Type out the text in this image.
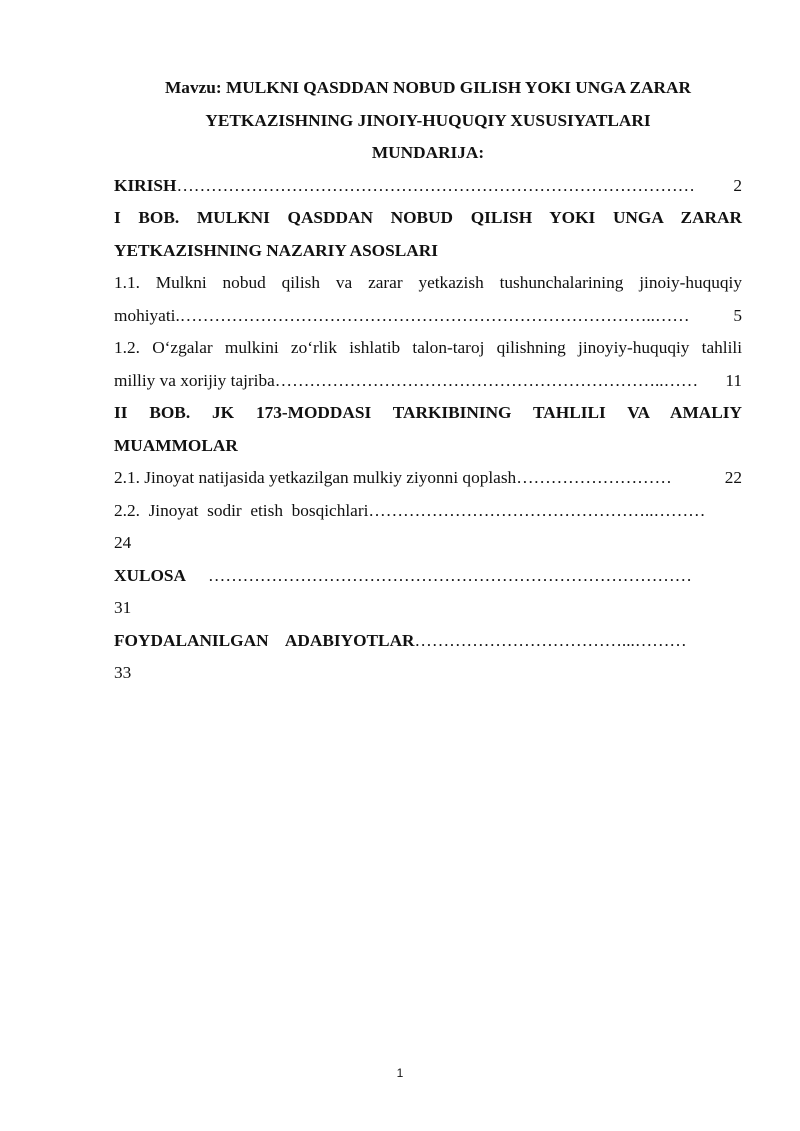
Mavzu: MULKNI QASDDAN NOBUD GILISH YOKI UNGA ZARAR
YETKAZISHNING JINOIY-HUQUQIY XUSUSIYATLARI
MUNDARIJA:
KIRISH ………………………………………………………………………………	2
I BOB. MULKNI QASDDAN NOBUD QILISH YOKI UNGA ZARAR
YETKAZISHNING NAZARIY ASOSLARI
1.1. Mulkni nobud qilish va zarar yetkazish tushunchalarining jinoiy-huquqiy
mohiyati. ………………………………………………………………………..……	5
1.2. O‘zgalar mulkini zo‘rlik ishlatib talon-taroj qilishning jinoyiy-huquqiy tahlili
milliy va xorijiy tajriba …………………………………………………………..……	11
II BOB. JK 173-MODDASI TARKIBINING TAHLILI VA AMALIY
MUAMMOLAR
2.1. Jinoyat natijasida yetkazilgan mulkiy ziyonni qoplash ………………………	22
2.2.  Jinoyat  sodir  etish  bosqichlari …………………………………………..………
24
XULOSA …………………………………………………………………………
31
FOYDALANILGAN    ADABIYOTLAR ………………………………...………
33
1
